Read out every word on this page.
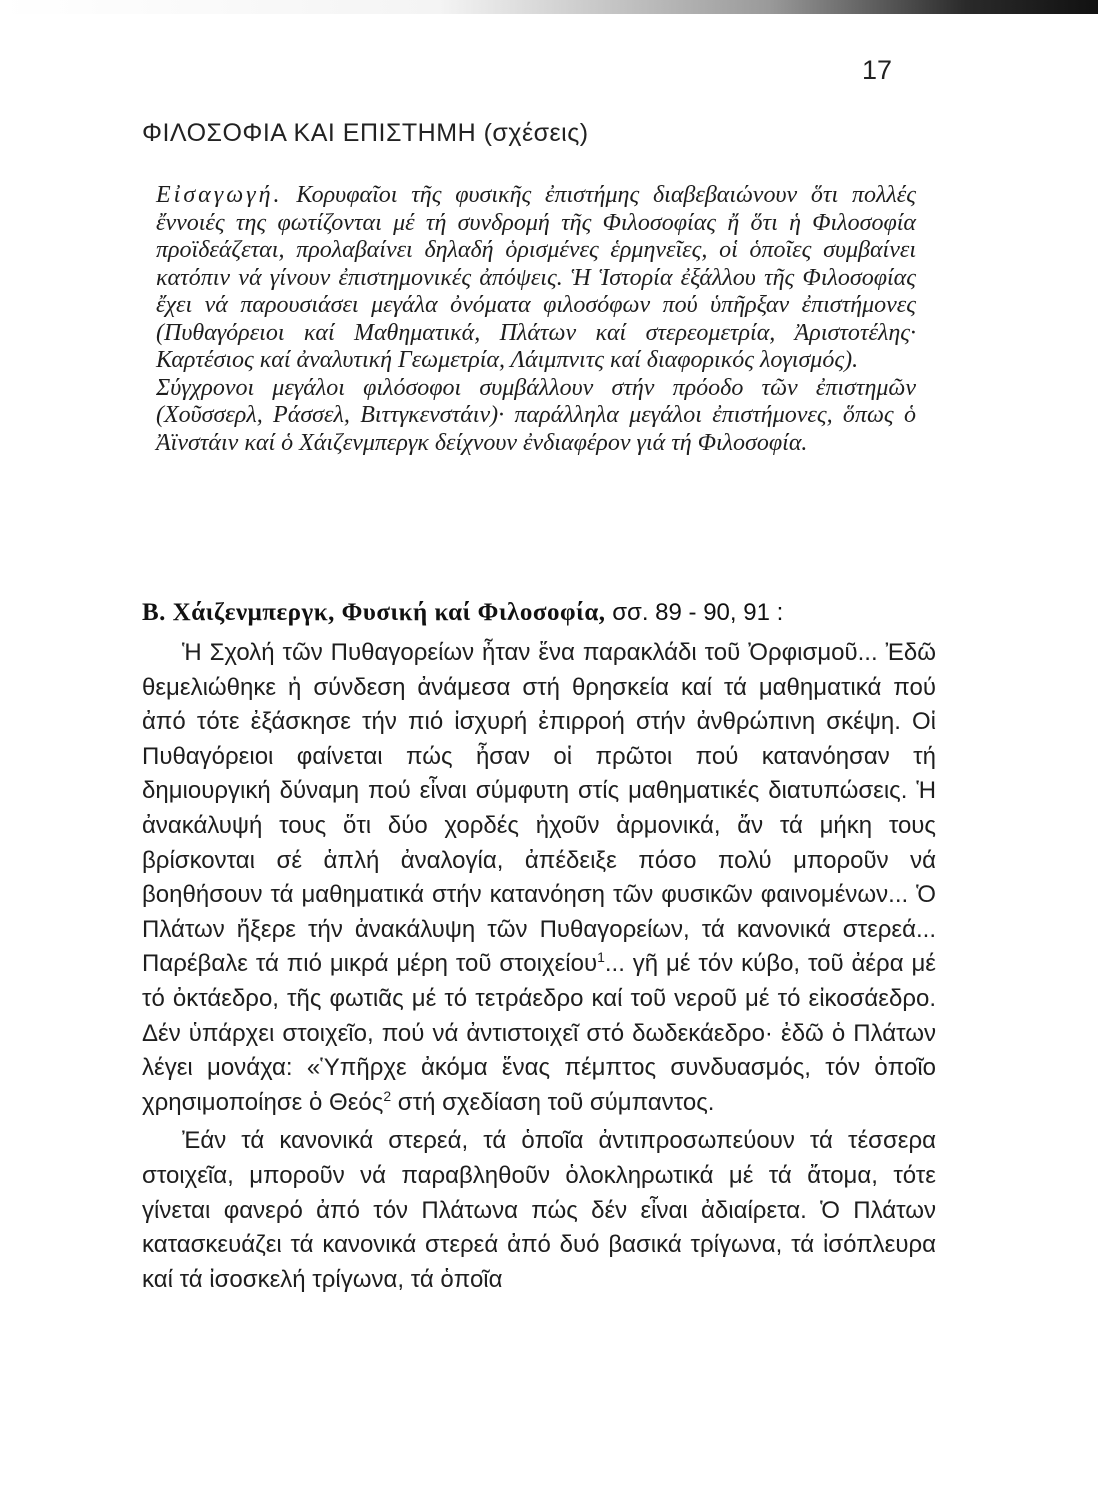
17
ΦΙΛΟΣΟΦΙΑ ΚΑΙ ΕΠΙΣΤΗΜΗ (σχέσεις)

Εἰσαγωγή. Κορυφαῖοι τῆς φυσικῆς ἐπιστήμης διαβεβαιώνουν ὅτι πολλές ἔννοιές της φωτίζονται μέ τή συνδρομή τῆς Φιλοσοφίας ἤ ὅτι ἡ Φιλοσοφία προϊδεάζεται, προλαβαίνει δηλαδή ὁρισμένες ἑρμηνεῖες, οἱ ὁποῖες συμβαίνει κατόπιν νά γίνουν ἐπιστημονικές ἀπόψεις. Ἡ Ἱστορία ἐξάλλου τῆς Φιλοσοφίας ἔχει νά παρουσιάσει μεγάλα ὀνόματα φιλοσόφων πού ὑπῆρξαν ἐπιστήμονες (Πυθαγόρειοι καί Μαθηματικά, Πλάτων καί στερεομετρία, Ἀριστοτέλης· Καρτέσιος καί ἀναλυτική Γεωμετρία, Λάιμπνιτς καί διαφορικός λογισμός).

Σύγχρονοι μεγάλοι φιλόσοφοι συμβάλλουν στήν πρόοδο τῶν ἐπιστημῶν (Χοῦσσερλ, Ράσσελ, Βιττγκενστάιν)· παράλληλα μεγάλοι ἐπιστήμονες, ὅπως ὁ Ἀϊνστάιν καί ὁ Χάιζενμπεργκ δείχνουν ἐνδιαφέρον γιά τή Φιλοσοφία.

Β. Χάιζενμπεργκ, Φυσική καί Φιλοσοφία, σσ. 89 - 90, 91 :

Ἡ Σχολή τῶν Πυθαγορείων ἦταν ἕνα παρακλάδι τοῦ Ὀρφισμοῦ... Ἐδῶ θεμελιώθηκε ἡ σύνδεση ἀνάμεσα στή θρησκεία καί τά μαθηματικά πού ἀπό τότε ἐξάσκησε τήν πιό ἰσχυρή ἐπιρροή στήν ἀνθρώπινη σκέψη. Οἱ Πυθαγόρειοι φαίνεται πώς ἦσαν οἱ πρῶτοι πού κατανόησαν τή δημιουργική δύναμη πού εἶναι σύμφυτη στίς μαθηματικές διατυπώσεις. Ἡ ἀνακάλυψή τους ὅτι δύο χορδές ἠχοῦν ἁρμονικά, ἄν τά μήκη τους βρίσκονται σέ ἁπλή ἀναλογία, ἀπέδειξε πόσο πολύ μποροῦν νά βοηθήσουν τά μαθηματικά στήν κατανόηση τῶν φυσικῶν φαινομένων... Ὁ Πλάτων ἤξερε τήν ἀνακάλυψη τῶν Πυθαγορείων, τά κανονικά στερεά... Παρέβαλε τά πιό μικρά μέρη τοῦ στοιχείου$^1$... γῆ μέ τόν κύβο, τοῦ ἀέρα μέ τό ὀκτάεδρο, τῆς φωτιᾶς μέ τό τετράεδρο καί τοῦ νεροῦ μέ τό εἰκοσάεδρο. Δέν ὑπάρχει στοιχεῖο, πού νά ἀντιστοιχεῖ στό δωδεκάεδρο· ἐδῶ ὁ Πλάτων λέγει μονάχα: «Ὑπῆρχε ἀκόμα ἕνας πέμπτος συνδυασμός, τόν ὁποῖο χρησιμοποίησε ὁ Θεός$^2$ στή σχεδίαση τοῦ σύμπαντος.

Ἐάν τά κανονικά στερεά, τά ὁποῖα ἀντιπροσωπεύουν τά τέσσερα στοιχεῖα, μποροῦν νά παραβληθοῦν ὁλοκληρωτικά μέ τά ἄτομα, τότε γίνεται φανερό ἀπό τόν Πλάτωνα πώς δέν εἶναι ἀδιαίρετα. Ὁ Πλάτων κατασκευάζει τά κανονικά στερεά ἀπό δυό βασικά τρίγωνα, τά ἰσόπλευρα καί τά ἰσοσκελή τρίγωνα, τά ὁποῖα
